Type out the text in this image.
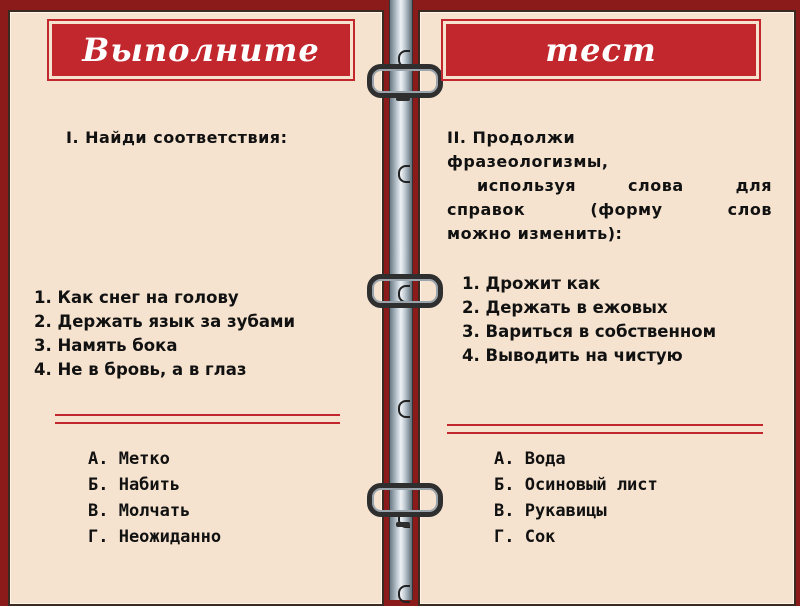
Выполните	тест
I. Найди соответствия:	II. Продолжи
фразеологизмы,
используя слова для
справок (форму слов
можно изменить):
1. Как снег на голову
2. Держать язык за зубами
3. Намять бока
4. Не в бровь, а в глаз
1. Дрожит как
2. Держать в ежовых
3. Вариться в собственном
4. Выводить на чистую
А. Метко
Б. Набить
В. Молчать
Г. Неожиданно
А. Вода
Б. Осиновый лист
В. Рукавицы
Г. Сок
